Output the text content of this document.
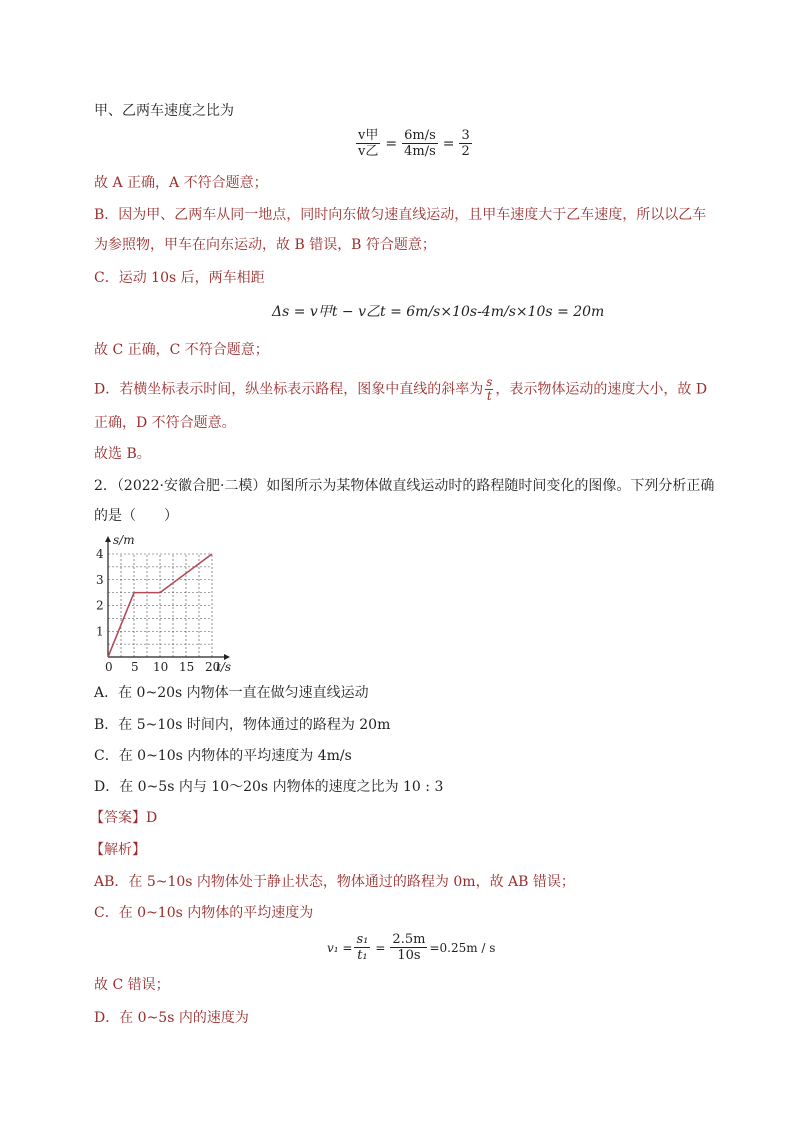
甲、乙两车速度之比为
$\frac{\text{v甲}}{\text{v乙}} = \frac{6m/s}{4m/s} = \frac{3}{2}$
故 A 正确，A 不符合题意；
B．因为甲、乙两车从同一地点，同时向东做匀速直线运动，且甲车速度大于乙车速度，所以以乙车
为参照物，甲车在向东运动，故 B 错误，B 符合题意；
C．运动 10s 后，两车相距
Δs = v甲t − v乙t = 6m/s×10s-4m/s×10s = 20m
故 C 正确，C 不符合题意；
D．若横坐标表示时间，纵坐标表示路程，图象中直线的斜率为 $\frac{s}{t}$ ，表示物体运动的速度大小，故 D
正确，D 不符合题意。
故选 B。
2．（2022·安徽合肥·二模）如图所示为某物体做直线运动时的路程随时间变化的图像。下列分析正确
的是（　　）
s/m
t/s
0 5 10 15 20
1
2
3
4
A．在 0~20s 内物体一直在做匀速直线运动
B．在 5~10s 时间内，物体通过的路程为 20m
C．在 0~10s 内物体的平均速度为 4m/s
D．在 0~5s 内与 10～20s 内物体的速度之比为 10 : 3
【答案】D
【解析】
AB．在 5~10s 内物体处于静止状态，物体通过的路程为 0m，故 AB 错误；
C．在 0~10s 内物体的平均速度为
$v_1 = \frac{\text{s₁}}{\text{t₁}} = \frac{2.5m}{10s} =0.25m / s$
故 C 错误；
D．在 0~5s 内的速度为
